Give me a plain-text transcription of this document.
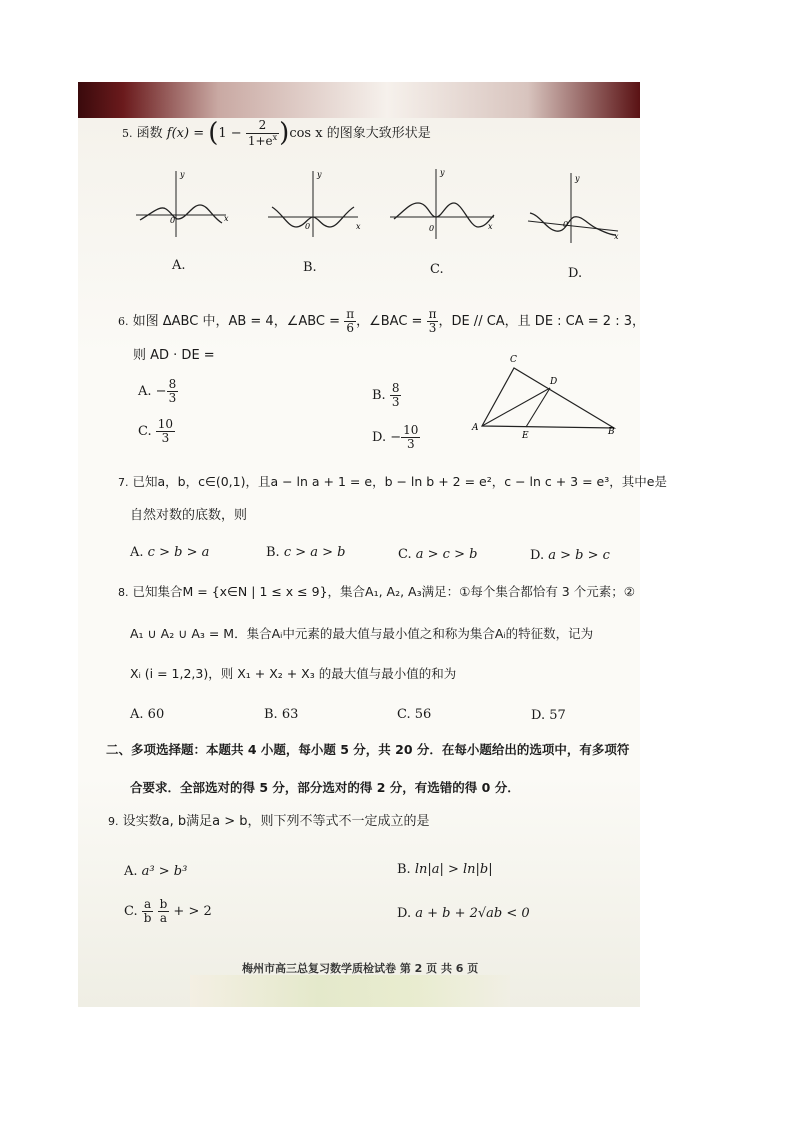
5. 函数 $f(x) = (1 - \frac{2}{1+e^x} )\cos$ x 的图象大致形状是
y
x
0
y
x
0
y
x
0
y
x
0
A.	B.	C.	D.
6. 如图 ΔABC 中，AB = 4，∠ABC = $\frac{\pi}{6}$ ，∠BAC = $\frac{\pi}{3}$ ，DE // CA，且 DE : CA = 2 : 3，
则 AD · DE =
A. − $\frac{8}{3}$	B. $\frac{8}{3}$
C. $\frac{10}{3}$	D. − $\frac{10}{3}$	A
C
D
E	B
7. 已知a，b，c∈(0,1)，且a − ln a + 1 = e，b − ln b + 2 = e²，c − ln c + 3 = e³，其中e是
自然对数的底数，则
A. c > b > a	B. c > a > b	C. a > c > b	D. a > b > c
8. 已知集合M = {x∈N | 1 ≤ x ≤ 9}，集合A₁, A₂, A₃满足：①每个集合都恰有 3 个元素；②
A₁ ∪ A₂ ∪ A₃ = M．集合Aᵢ中元素的最大值与最小值之和称为集合Aᵢ的特征数，记为
Xᵢ (i = 1,2,3)，则 X₁ + X₂ + X₃ 的最大值与最小值的和为
A. 60	B. 63	C. 56	D. 57
二、多项选择题：本题共 4 小题，每小题 5 分，共 20 分．在每小题给出的选项中，有多项符
合要求．全部选对的得 5 分，部分选对的得 2 分，有选错的得 0 分．
9. 设实数a, b满足a > b，则下列不等式不一定成立的是
A. a³ > b³	B. ln|a| > ln|b|
C. $\frac{a}{b}$
$\frac{b}{a}$ + > 2	D. a + b + 2√ab < 0
梅州市高三总复习数学质检试卷 第 2 页 共 6 页
